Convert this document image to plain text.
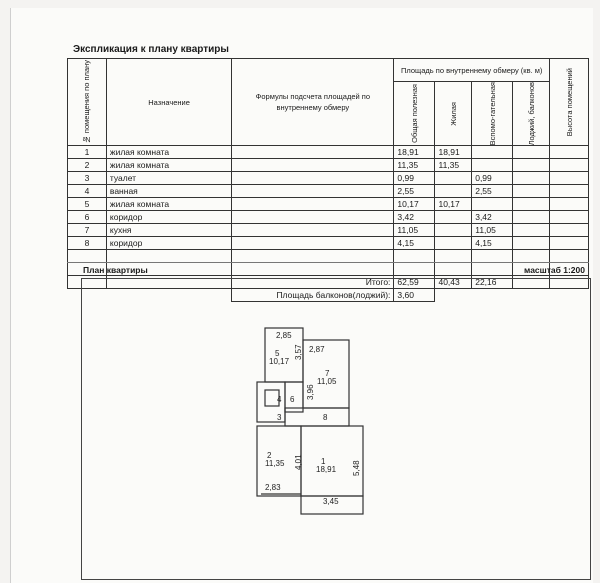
Экспликация к плану квартиры
№ помещения по плану	Назначение	Формулы подсчета площадей по внутреннему обмеру	Площадь по внутреннему обмеру (кв. м)				Высота помещений

			Общая полезная	Жилая	Вспомо-гательная	Лоджий, балконов	

1	жилая комната		18,91	18,91			
2	жилая комната		11,35	11,35			
3	туалет		0,99		0,99		
4	ванная		2,55		2,55		
5	жилая комната		10,17	10,17			
6	коридор		3,42		3,42		
7	кухня		11,05		11,05		
8	коридор		4,15		4,15		

		Итого:	62,59	40,43	22,16		
		Площадь балконов(лоджий):	3,60				
План квартиры	масштаб 1:200
2,85
5
10,17
3,57 2,87
3,96
7
11,05
4 6
3	8
2
11,35 4,01 1
18,91 5,48
2,83
3,45
